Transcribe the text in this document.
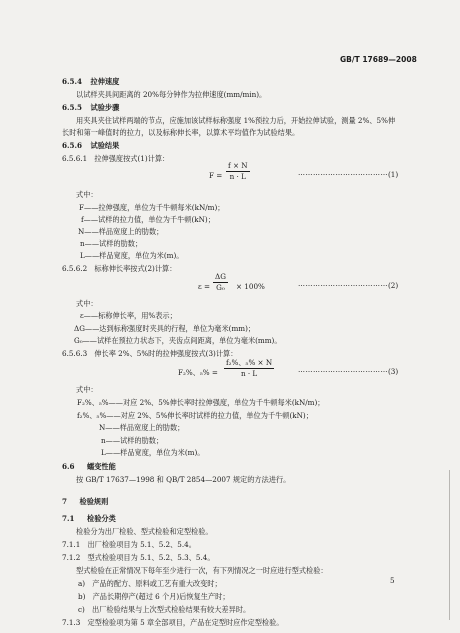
GB/T 17689—2008
6.5.4 拉伸速度
以试样夹具间距离的 20%每分钟作为拉伸速度(mm/min)。
6.5.5 试验步骤
用夹具夹住试样两端的节点，应施加该试样标称强度 1%预拉力后，开始拉伸试验，测量 2%、5%伸
长时和第一峰值时的拉力，以及标称伸长率，以算术平均值作为试验结果。
6.5.6 试验结果
6.5.6.1　拉伸强度按式(1)计算：
$F = \frac{f \times N}{n \cdot L}$	……………………………… (1)
式中：
F——拉伸强度，单位为千牛顿每米(kN/m)；
f——试样的拉力值，单位为千牛顿(kN)；
N——样品宽度上的肋数；
n——试样的肋数；
L——样品宽度，单位为米(m)。
6.5.6.2　标称伸长率按式(2)计算：
$\varepsilon = \frac{\Delta G}{\text{G₀}} \times 100\%$	……………………………… (2)
式中：
ε——标称伸长率，用%表示；
ΔG——达到标称强度时夹具的行程，单位为毫米(mm)；
G₀——试样在预拉力状态下，夹齿点间距离，单位为毫米(mm)。
6.5.6.3　伸长率 2%、5%时的拉伸强度按式(3)计算：
F₂%、$_5\% = \frac{\text{f₂\%、₅\% × N}}{n \cdot L}$	……………………………… (3)
式中：
F₂%、₅%——对应 2%、5%伸长率时拉伸强度，单位为千牛顿每米(kN/m)；
f₂%、₅%——对应 2%、5%伸长率时试样的拉力值，单位为千牛顿(kN)；
N——样品宽度上的肋数；
n——试样的肋数；
L——样品宽度，单位为米(m)。
6.6 蠕变性能
按 GB/T 17637—1998 和 QB/T 2854—2007 规定的方法进行。
7 检验规则
7.1 检验分类
检验分为出厂检验、型式检验和定型检验。
7.1.1　出厂检验项目为 5.1、5.2、5.4。
7.1.2　型式检验项目为 5.1、5.2、5.3、5.4。
型式检验在正常情况下每年至少进行一次，有下列情况之一时应进行型式检验：
a)　产品的配方、原料或工艺有重大改变时；
b)　产品长期停产(超过 6 个月)后恢复生产时；
c)　出厂检验结果与上次型式检验结果有较大差异时。
7.1.3　定型检验项为第 5 章全部项目，产品在定型时应作定型检验。
5
